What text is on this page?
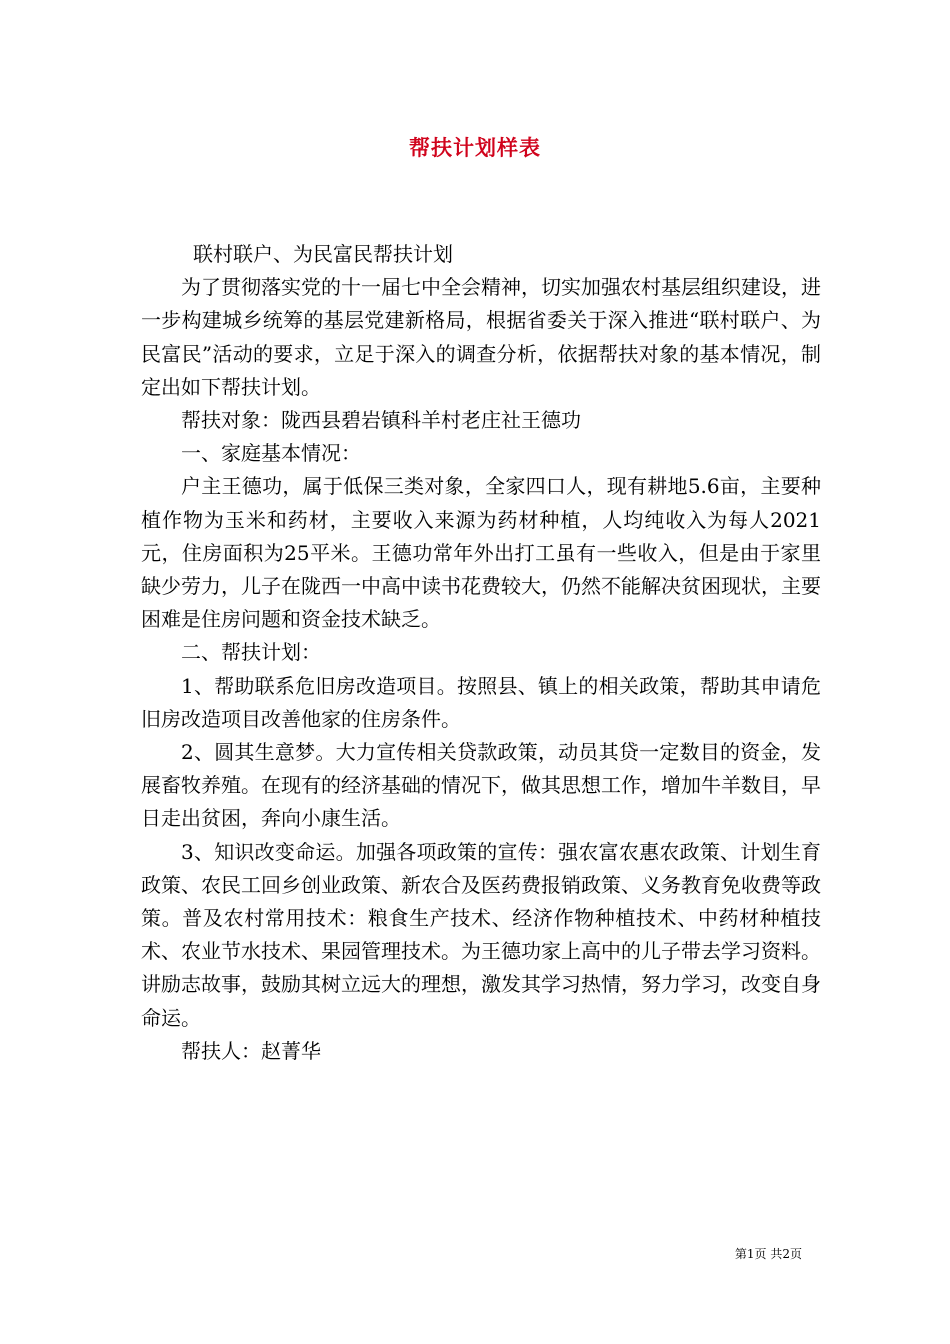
帮扶计划样表

联村联户、为民富民帮扶计划

为了贯彻落实党的十一届七中全会精神，切实加强农村基层组织建设，进一步构建城乡统筹的基层党建新格局，根据省委关于深入推进“联村联户、为民富民”活动的要求，立足于深入的调查分析，依据帮扶对象的基本情况，制定出如下帮扶计划。

帮扶对象：陇西县碧岩镇科羊村老庄社王德功

一、家庭基本情况：

户主王德功，属于低保三类对象，全家四口人，现有耕地5.6亩，主要种植作物为玉米和药材，主要收入来源为药材种植，人均纯收入为每人2021元，住房面积为25平米。王德功常年外出打工虽有一些收入，但是由于家里缺少劳力，儿子在陇西一中高中读书花费较大，仍然不能解决贫困现状，主要困难是住房问题和资金技术缺乏。

二、帮扶计划：

1、帮助联系危旧房改造项目。按照县、镇上的相关政策，帮助其申请危旧房改造项目改善他家的住房条件。

2、圆其生意梦。大力宣传相关贷款政策，动员其贷一定数目的资金，发展畜牧养殖。在现有的经济基础的情况下，做其思想工作，增加牛羊数目，早日走出贫困，奔向小康生活。

3、知识改变命运。加强各项政策的宣传：强农富农惠农政策、计划生育政策、农民工回乡创业政策、新农合及医药费报销政策、义务教育免收费等政策。普及农村常用技术：粮食生产技术、经济作物种植技术、中药材种植技术、农业节水技术、果园管理技术。为王德功家上高中的儿子带去学习资料。讲励志故事，鼓励其树立远大的理想，激发其学习热情，努力学习，改变自身命运。

帮扶人：赵菁华

第1页 共2页
